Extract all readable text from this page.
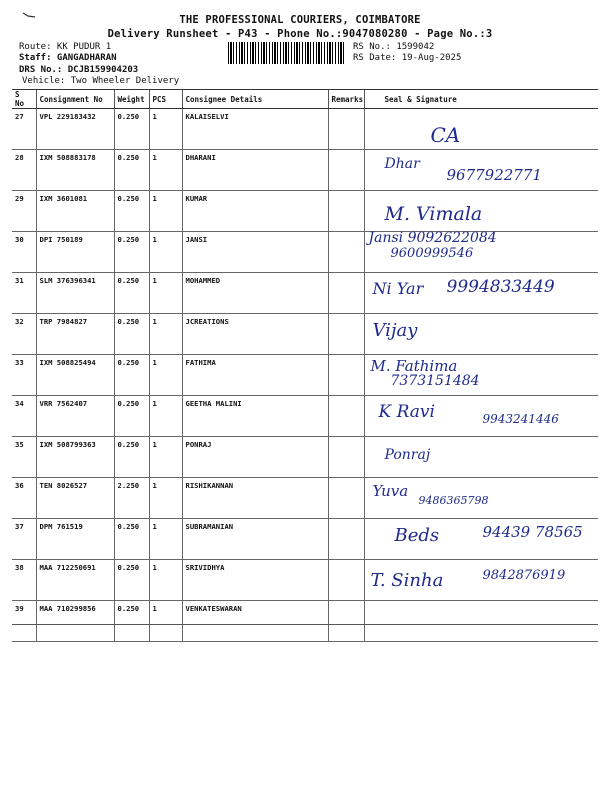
THE PROFESSIONAL COURIERS, COIMBATORE
Delivery Runsheet - P43 - Phone No.:9047080280 - Page No.:3
Route: KK PUDUR 1
Staff: GANGADHARAN
DRS No.: DCJB159904203
Vehicle: Two Wheeler Delivery
RS No.: 1599042
RS Date: 19-Aug-2025
S No	Consignment No	Weight	PCS	Consignee Details	Remarks	Seal & Signature
27	VPL 229183432	0.250	1	KALAISELVI		CA

28	IXM 508883178	0.250	1	DHARANI		Dhar
9677922771

29	IXM 3601081	0.250	1	KUMAR		M. Vimala

30	DPI 750189	0.250	1	JANSI		Jansi 9092622084
9600999546

31	SLM 376396341	0.250	1	MOHAMMED		Ni Yar 9994833449

32	TRP 7984827	0.250	1	JCREATIONS		Vijay

33	IXM 508825494	0.250	1	FATHIMA		M. Fathima
7373151484

34	VRR 7562407	0.250	1	GEETHA MALINI		K Ravi 9943241446

35	IXM 508799363	0.250	1	PONRAJ		Ponraj

36	TEN 8026527	2.250	1	RISHIKANNAN		Yuva
9486365798

37	DPM 761519	0.250	1	SUBRAMANIAN		Beds 94439 78565

38	MAA 712250691	0.250	1	SRIVIDHYA		T. Sinha 9842876919

39	MAA 710299856	0.250	1	VENKATESWARAN		
